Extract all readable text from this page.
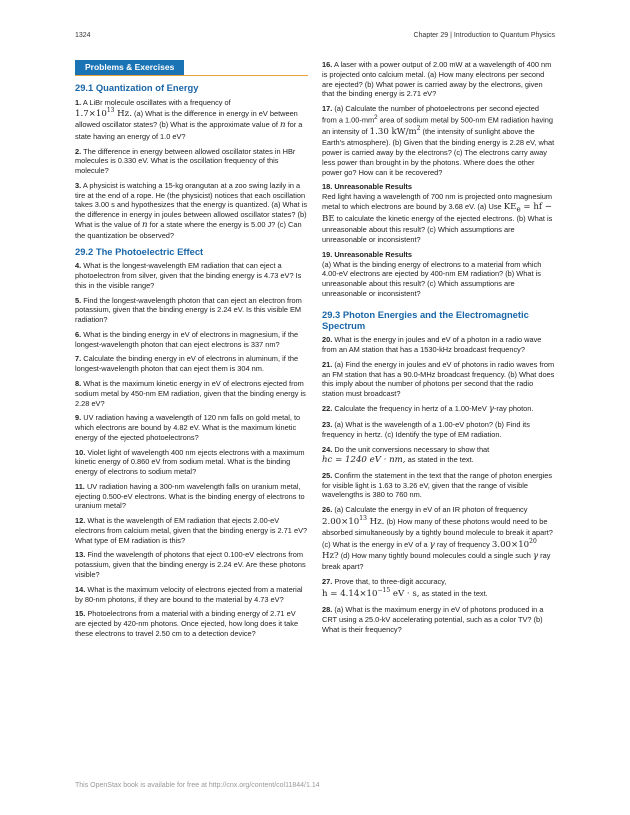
1324	Chapter 29 | Introduction to Quantum Physics
Problems & Exercises
29.1 Quantization of Energy

1. A LiBr molecule oscillates with a frequency of
$1.7\times 10^{13}$ Hz. (a) What is the difference in energy in eV between allowed oscillator states? (b) What is the approximate value of n for a state having an energy of 1.0 eV?

2. The difference in energy between allowed oscillator states in HBr molecules is 0.330 eV. What is the oscillation frequency of this molecule?

3. A physicist is watching a 15-kg orangutan at a zoo swing lazily in a tire at the end of a rope. He (the physicist) notices that each oscillation takes 3.00 s and hypothesizes that the energy is quantized. (a) What is the difference in energy in joules between allowed oscillator states? (b) What is the value of n for a state where the energy is 5.00 J? (c) Can the quantization be observed?

29.2 The Photoelectric Effect

4. What is the longest-wavelength EM radiation that can eject a photoelectron from silver, given that the binding energy is 4.73 eV? Is this in the visible range?

5. Find the longest-wavelength photon that can eject an electron from potassium, given that the binding energy is 2.24 eV. Is this visible EM radiation?

6. What is the binding energy in eV of electrons in magnesium, if the longest-wavelength photon that can eject electrons is 337 nm?

7. Calculate the binding energy in eV of electrons in aluminum, if the longest-wavelength photon that can eject them is 304 nm.

8. What is the maximum kinetic energy in eV of electrons ejected from sodium metal by 450-nm EM radiation, given that the binding energy is 2.28 eV?

9. UV radiation having a wavelength of 120 nm falls on gold metal, to which electrons are bound by 4.82 eV. What is the maximum kinetic energy of the ejected photoelectrons?

10. Violet light of wavelength 400 nm ejects electrons with a maximum kinetic energy of 0.860 eV from sodium metal. What is the binding energy of electrons to sodium metal?

11. UV radiation having a 300-nm wavelength falls on uranium metal, ejecting 0.500-eV electrons. What is the binding energy of electrons to uranium metal?

12. What is the wavelength of EM radiation that ejects 2.00-eV electrons from calcium metal, given that the binding energy is 2.71 eV? What type of EM radiation is this?

13. Find the wavelength of photons that eject 0.100-eV electrons from potassium, given that the binding energy is 2.24 eV. Are these photons visible?

14. What is the maximum velocity of electrons ejected from a material by 80-nm photons, if they are bound to the material by 4.73 eV?

15. Photoelectrons from a material with a binding energy of 2.71 eV are ejected by 420-nm photons. Once ejected, how long does it take these electrons to travel 2.50 cm to a detection device?

16. A laser with a power output of 2.00 mW at a wavelength of 400 nm is projected onto calcium metal. (a) How many electrons per second are ejected? (b) What power is carried away by the electrons, given that the binding energy is 2.71 eV?

17. (a) Calculate the number of photoelectrons per second ejected from a $1.00-mm^2$ area of sodium metal by 500-nm EM radiation having an intensity of 1.30 $kW/m^2$ (the intensity of sunlight above the Earth’s atmosphere). (b) Given that the binding energy is 2.28 eV, what power is carried away by the electrons? (c) The electrons carry away less power than brought in by the photons. Where does the other power go? How can it be recovered?

18. Unreasonable Results
Red light having a wavelength of 700 nm is projected onto magnesium metal to which electrons are bound by 3.68 eV. (a) Use $KE_e$ = hf − BE to calculate the kinetic energy of the ejected electrons. (b) What is unreasonable about this result? (c) Which assumptions are unreasonable or inconsistent?

19. Unreasonable Results
(a) What is the binding energy of electrons to a material from which 4.00-eV electrons are ejected by 400-nm EM radiation? (b) What is unreasonable about this result? (c) Which assumptions are unreasonable or inconsistent?

29.3 Photon Energies and the Electromagnetic Spectrum

20. What is the energy in joules and eV of a photon in a radio wave from an AM station that has a 1530-kHz broadcast frequency?

21. (a) Find the energy in joules and eV of photons in radio waves from an FM station that has a 90.0-MHz broadcast frequency. (b) What does this imply about the number of photons per second that the radio station must broadcast?

22. Calculate the frequency in hertz of a 1.00-MeV γ-ray photon.

23. (a) What is the wavelength of a 1.00-eV photon? (b) Find its frequency in hertz. (c) Identify the type of EM radiation.

24. Do the unit conversions necessary to show that
hc = 1240 eV · nm, as stated in the text.

25. Confirm the statement in the text that the range of photon energies for visible light is 1.63 to 3.26 eV, given that the range of visible wavelengths is 380 to 760 nm.

26. (a) Calculate the energy in eV of an IR photon of frequency $2.00\times 10^{13}$ Hz. (b) How many of these photons would need to be absorbed simultaneously by a tightly bound molecule to break it apart? (c) What is the energy in eV of a γ ray of frequency $3.00\times 10^{20}$ Hz? (d) How many tightly bound molecules could a single such γ ray break apart?

27. Prove that, to three-digit accuracy,
$h = 4.14\times 10^{-15}$ eV · s, as stated in the text.

28. (a) What is the maximum energy in eV of photons produced in a CRT using a 25.0-kV accelerating potential, such as a color TV? (b) What is their frequency?

This OpenStax book is available for free at http://cnx.org/content/col11844/1.14
